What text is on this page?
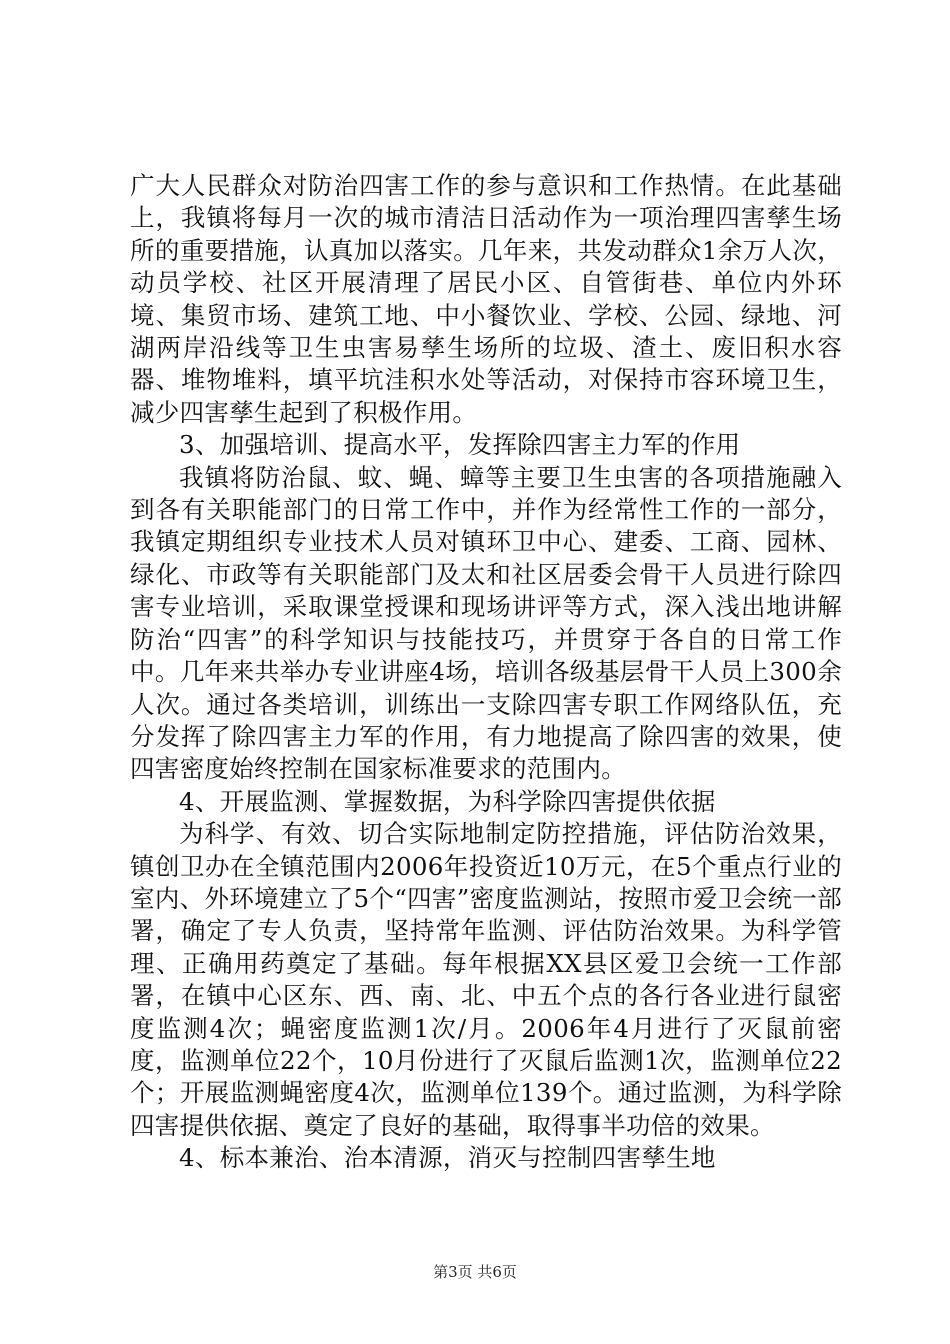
广大人民群众对防治四害工作的参与意识和工作热情。在此基础上，我镇将每月一次的城市清洁日活动作为一项治理四害孳生场所的重要措施，认真加以落实。几年来，共发动群众1余万人次，动员学校、社区开展清理了居民小区、自管街巷、单位内外环境、集贸市场、建筑工地、中小餐饮业、学校、公园、绿地、河湖两岸沿线等卫生虫害易孳生场所的垃圾、渣土、废旧积水容器、堆物堆料，填平坑洼积水处等活动，对保持市容环境卫生，减少四害孳生起到了积极作用。

3、加强培训、提高水平，发挥除四害主力军的作用

我镇将防治鼠、蚊、蝇、蟑等主要卫生虫害的各项措施融入到各有关职能部门的日常工作中，并作为经常性工作的一部分，我镇定期组织专业技术人员对镇环卫中心、建委、工商、园林、绿化、市政等有关职能部门及太和社区居委会骨干人员进行除四害专业培训，采取课堂授课和现场讲评等方式，深入浅出地讲解防治“四害”的科学知识与技能技巧，并贯穿于各自的日常工作中。几年来共举办专业讲座4场，培训各级基层骨干人员上300余人次。通过各类培训，训练出一支除四害专职工作网络队伍，充分发挥了除四害主力军的作用，有力地提高了除四害的效果，使四害密度始终控制在国家标准要求的范围内。

4、开展监测、掌握数据，为科学除四害提供依据

为科学、有效、切合实际地制定防控措施，评估防治效果，镇创卫办在全镇范围内2006年投资近10万元，在5个重点行业的室内、外环境建立了5个“四害”密度监测站，按照市爱卫会统一部署，确定了专人负责，坚持常年监测、评估防治效果。为科学管理、正确用药奠定了基础。每年根据XX县区爱卫会统一工作部署，在镇中心区东、西、南、北、中五个点的各行各业进行鼠密度监测4次；蝇密度监测1次/月。2006年4月进行了灭鼠前密度，监测单位22个，10月份进行了灭鼠后监测1次，监测单位22个；开展监测蝇密度4次，监测单位139个。通过监测，为科学除四害提供依据、奠定了良好的基础，取得事半功倍的效果。

4、标本兼治、治本清源，消灭与控制四害孳生地

第3页 共6页
